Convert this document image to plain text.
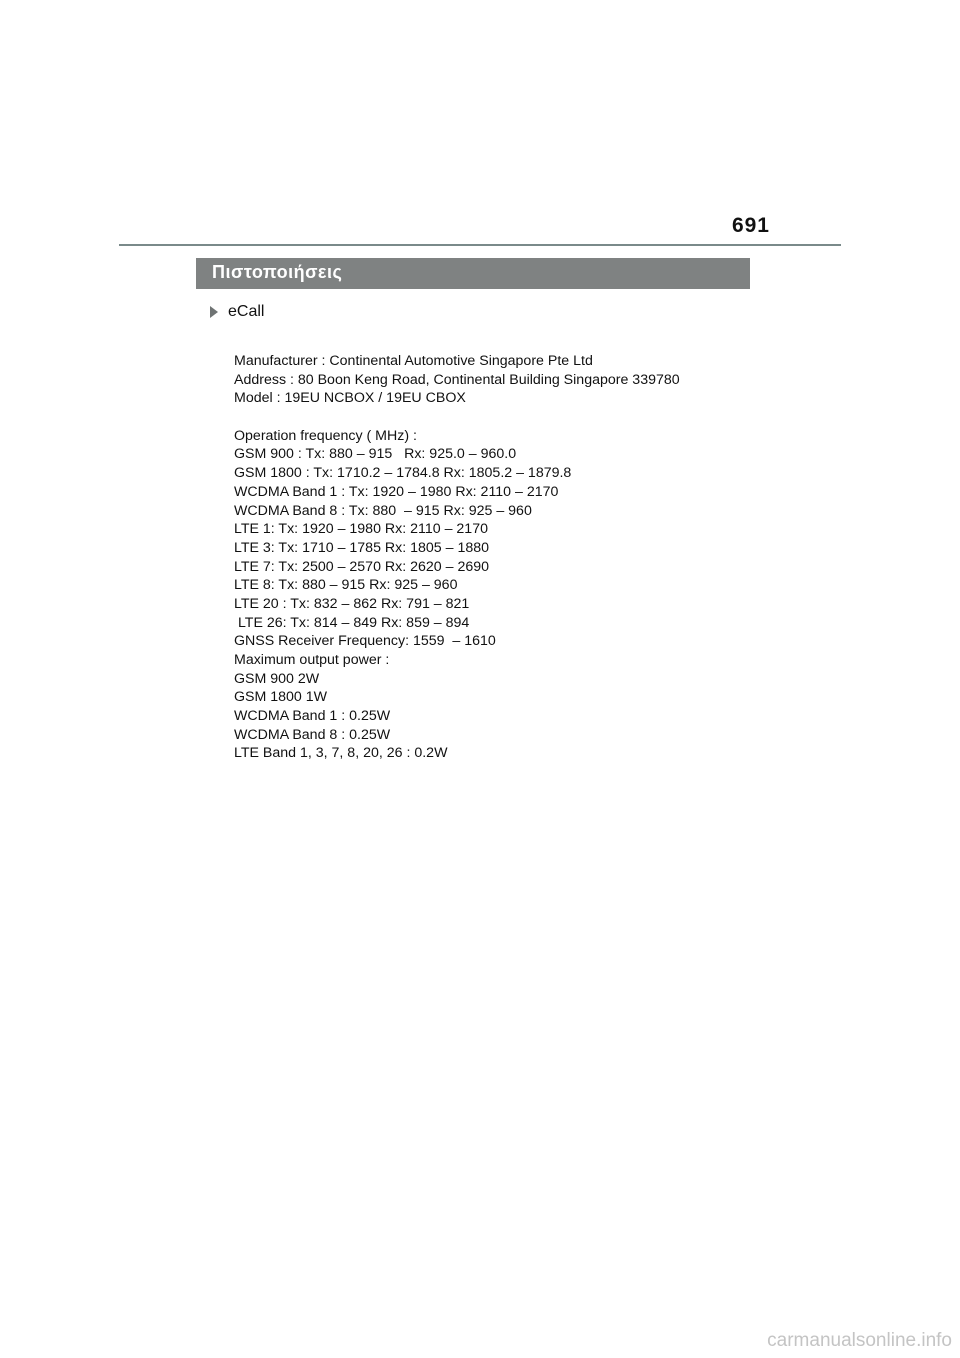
691
Πιστοποιήσεις
eCall
Manufacturer : Continental Automotive Singapore Pte Ltd
Address : 80 Boon Keng Road, Continental Building Singapore 339780
Model : 19EU NCBOX / 19EU CBOX
Operation frequency ( MHz) :
GSM 900 : Tx: 880 – 915   Rx: 925.0 – 960.0
GSM 1800 : Tx: 1710.2 – 1784.8 Rx: 1805.2 – 1879.8
WCDMA Band 1 : Tx: 1920 – 1980 Rx: 2110 – 2170
WCDMA Band 8 : Tx: 880  – 915 Rx: 925 – 960
LTE 1: Tx: 1920 – 1980 Rx: 2110 – 2170
LTE 3: Tx: 1710 – 1785 Rx: 1805 – 1880
LTE 7: Tx: 2500 – 2570 Rx: 2620 – 2690
LTE 8: Tx: 880 – 915 Rx: 925 – 960
LTE 20 : Tx: 832 – 862 Rx: 791 – 821
LTE 26: Tx: 814 – 849 Rx: 859 – 894
GNSS Receiver Frequency: 1559  – 1610
Maximum output power :
GSM 900 2W
GSM 1800 1W
WCDMA Band 1 : 0.25W
WCDMA Band 8 : 0.25W
LTE Band 1, 3, 7, 8, 20, 26 : 0.2W
carmanualsonline.info
